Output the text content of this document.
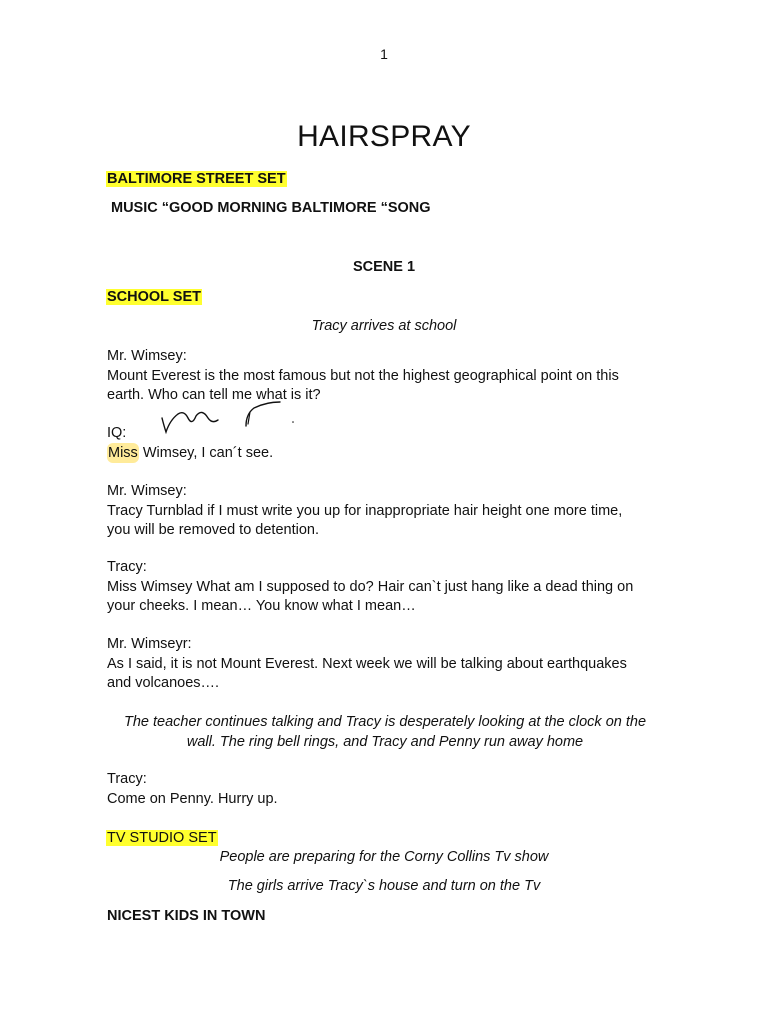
1
HAIRSPRAY
BALTIMORE STREET SET
MUSIC “GOOD MORNING BALTIMORE “SONG
SCENE 1
SCHOOL SET
Tracy arrives at school
Mr. Wimsey:
Mount Everest is the most famous but not the highest geographical point on this
earth. Who can tell me what is it?
IQ:
Miss Wimsey, I can´t see.
Mr. Wimsey:
Tracy Turnblad if I must write you up for inappropriate hair height one more time,
you will be removed to detention.
Tracy:
Miss Wimsey What am I supposed to do? Hair can`t just hang like a dead thing on
your cheeks. I mean… You know what I mean…
Mr. Wimseyr:
As I said, it is not Mount Everest. Next week we will be talking about earthquakes
and volcanoes….
The teacher continues talking and Tracy is desperately looking at the clock on the
wall. The ring bell rings, and Tracy and Penny run away home
Tracy:
Come on Penny. Hurry up.
TV STUDIO SET
People are preparing for the Corny Collins Tv show
The girls arrive Tracy`s house and turn on the Tv
NICEST KIDS IN TOWN
